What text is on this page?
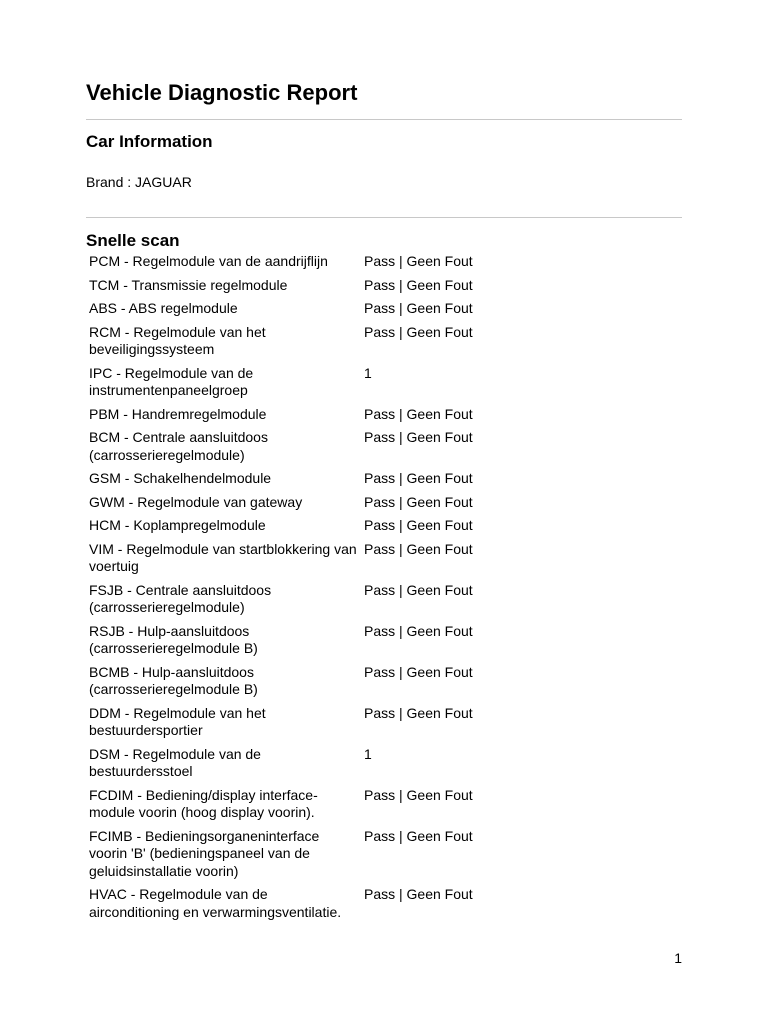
Vehicle Diagnostic Report
Car Information
Brand : JAGUAR
Snelle scan
PCM - Regelmodule van de aandrijflijn	Pass | Geen Fout
TCM - Transmissie regelmodule	Pass | Geen Fout
ABS - ABS regelmodule	Pass | Geen Fout
RCM - Regelmodule van het beveiligingssysteem	Pass | Geen Fout
IPC - Regelmodule van de instrumentenpaneelgroep	1
PBM - Handremregelmodule	Pass | Geen Fout
BCM - Centrale aansluitdoos (carrosserieregelmodule)	Pass | Geen Fout
GSM - Schakelhendelmodule	Pass | Geen Fout
GWM - Regelmodule van gateway	Pass | Geen Fout
HCM - Koplampregelmodule	Pass | Geen Fout
VIM - Regelmodule van startblokkering van voertuig	Pass | Geen Fout
FSJB - Centrale aansluitdoos (carrosserieregelmodule)	Pass | Geen Fout
RSJB - Hulp-aansluitdoos (carrosserieregelmodule B)	Pass | Geen Fout
BCMB - Hulp-aansluitdoos (carrosserieregelmodule B)	Pass | Geen Fout
DDM - Regelmodule van het bestuurdersportier	Pass | Geen Fout
DSM - Regelmodule van de bestuurdersstoel	1
FCDIM - Bediening/display interface-module voorin (hoog display voorin).	Pass | Geen Fout
FCIMB - Bedieningsorganeninterface voorin 'B' (bedieningspaneel van de geluidsinstallatie voorin)	Pass | Geen Fout
HVAC - Regelmodule van de airconditioning en verwarmingsventilatie.	Pass | Geen Fout
1
